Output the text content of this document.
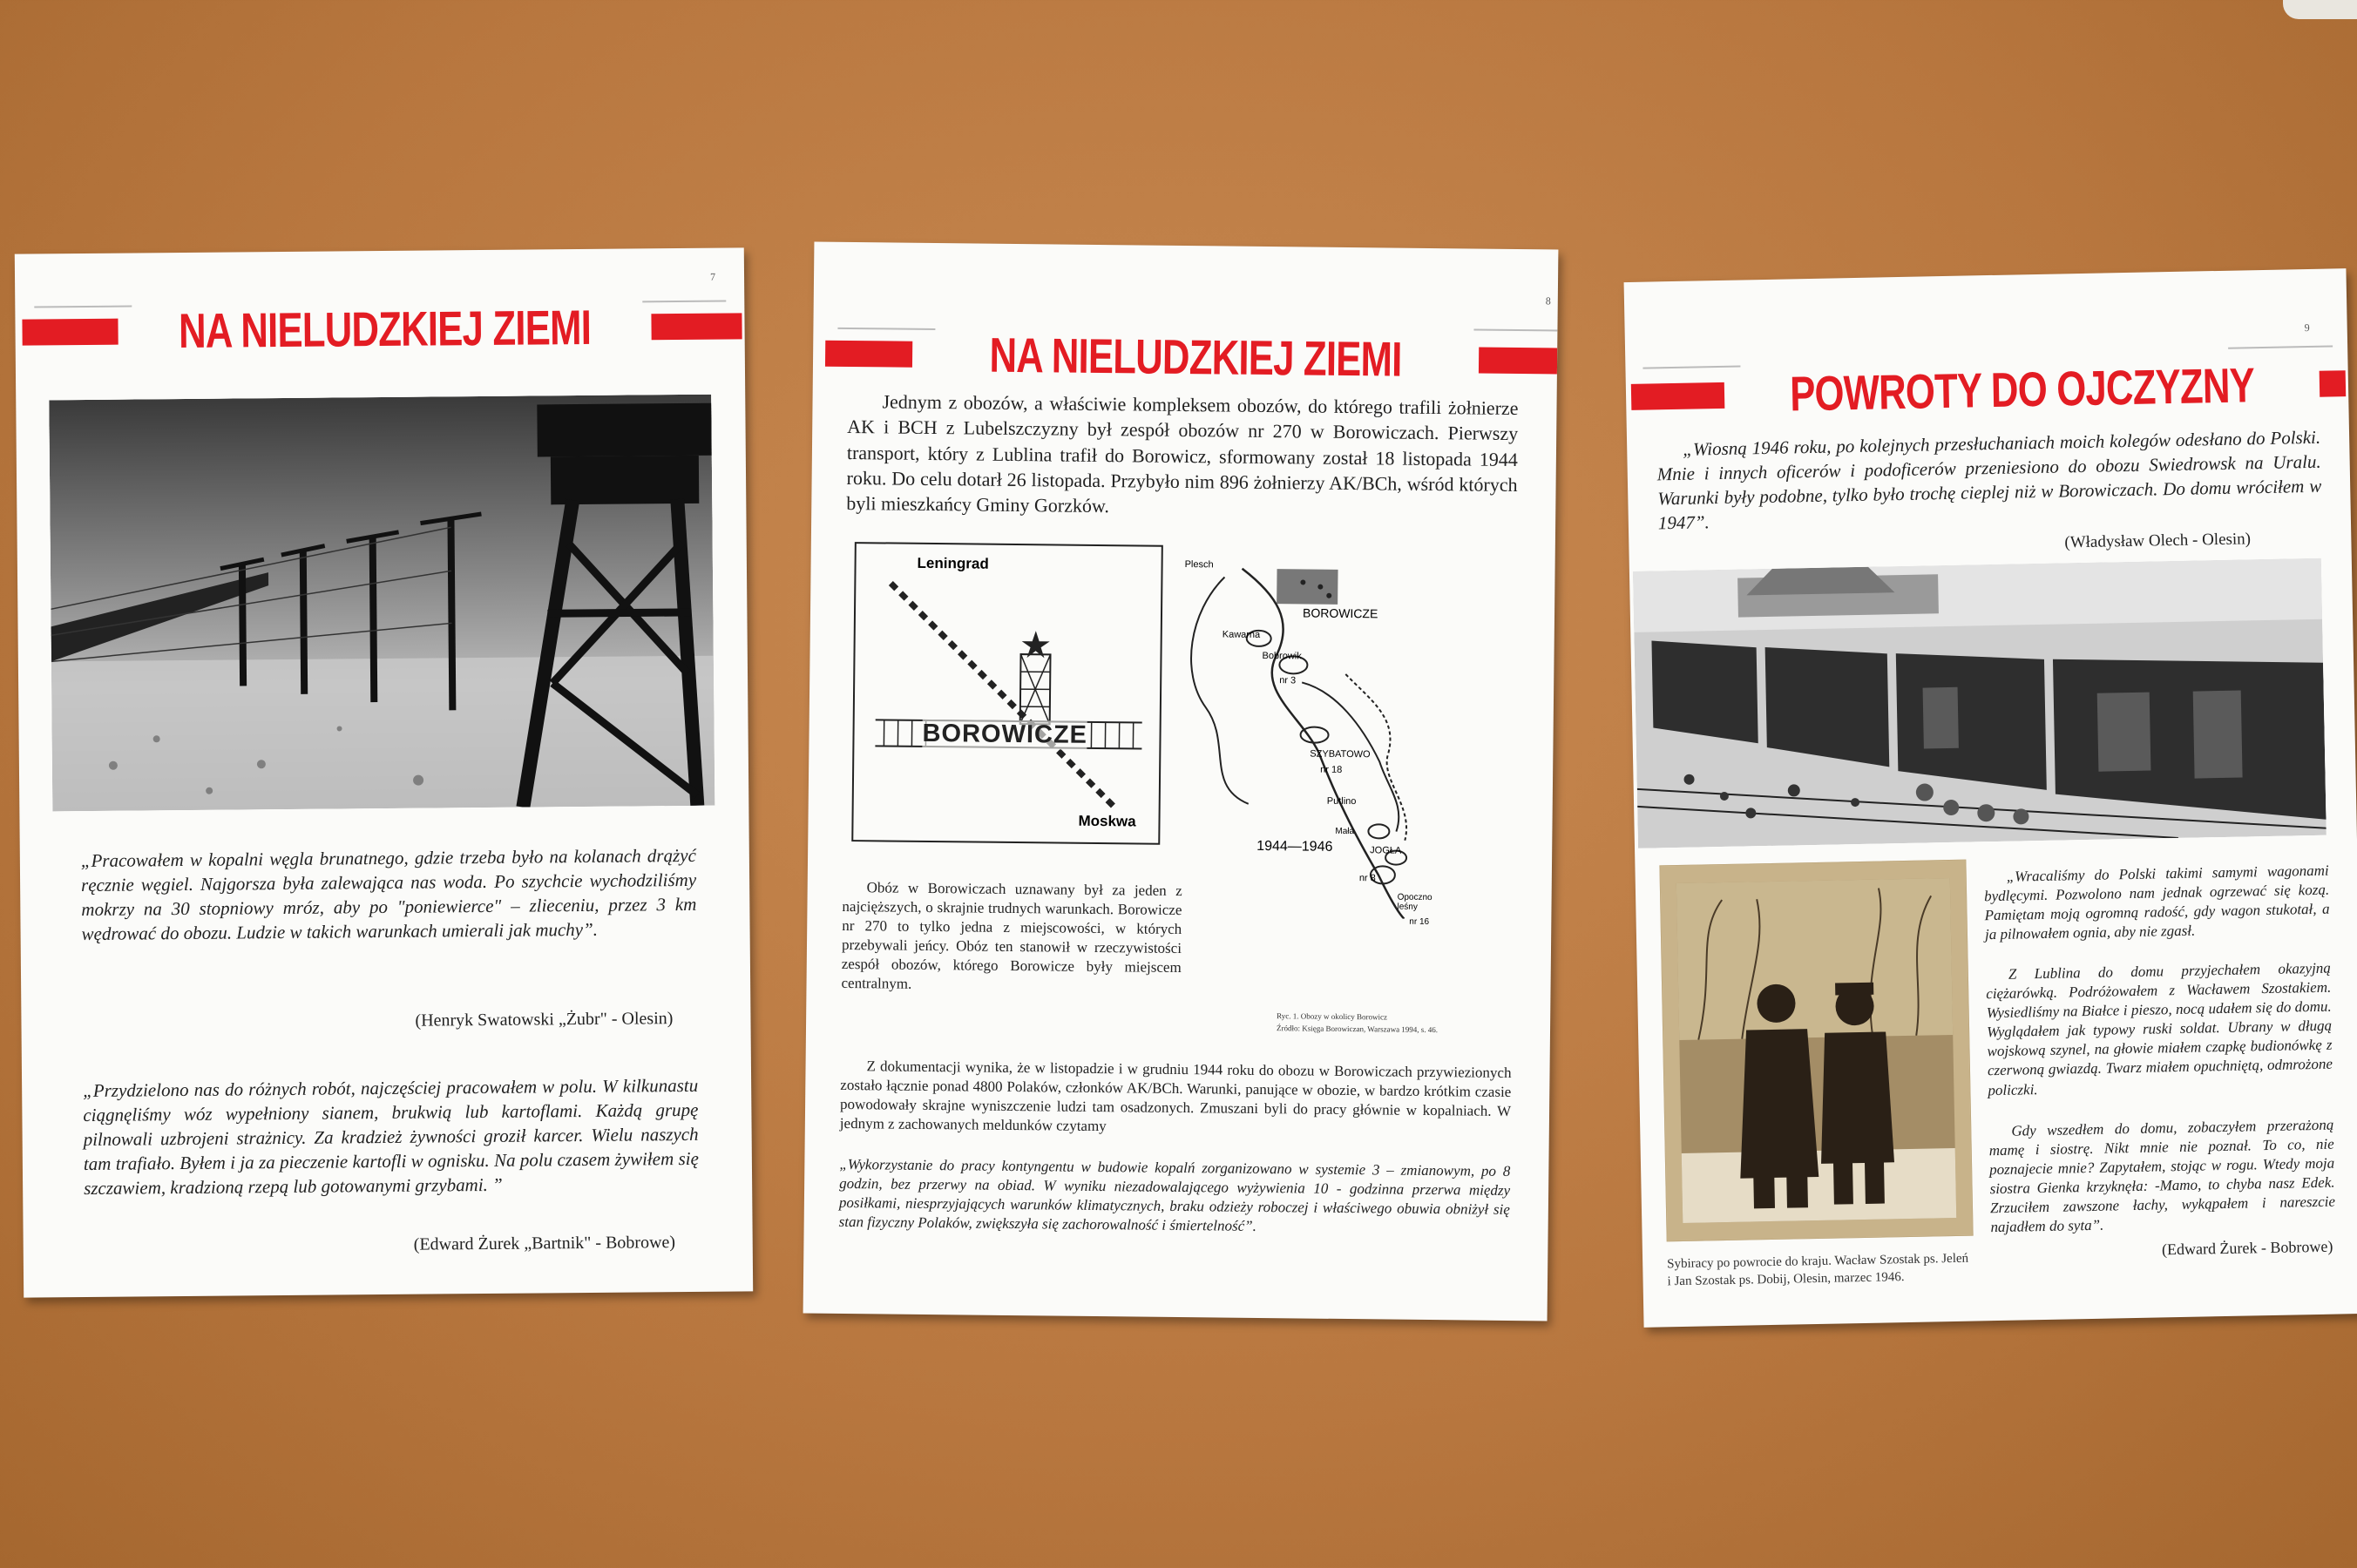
7
NA NIELUDZKIEJ ZIEMI
„Pracowałem w kopalni węgla brunatnego, gdzie trzeba było na kolanach drążyć ręcznie węgiel. Najgorsza była zalewająca nas woda. Po szychcie wychodziliśmy mokrzy na 30 stopniowy mróz, aby po "poniewierce" – zlieceniu, przez 3 km wędrować do obozu. Ludzie w takich warunkach umierali jak muchy”.
(Henryk Swatowski „Żubr" - Olesin)
„Przydzielono nas do różnych robót, najczęściej pracowałem w polu. W kilkunastu ciągnęliśmy wóz wypełniony sianem, brukwią lub kartoflami. Każdą grupę pilnowali uzbrojeni strażnicy. Za kradzież żywności groził karcer. Wielu naszych tam trafiało. Byłem i ja za pieczenie kartofli w ognisku. Na polu czasem żywiłem się szczawiem, kradzioną rzepą lub gotowanymi grzybami. ”
(Edward Żurek „Bartnik" - Bobrowe)
8
NA NIELUDZKIEJ ZIEMI
Jednym z obozów, a właściwie kompleksem obozów, do którego trafili żołnierze AK i BCH z Lubelszczyzny był zespół obozów nr 270 w Borowiczach. Pierwszy transport, który z Lublina trafił do Borowicz, sformowany został 18 listopada 1944 roku. Do celu dotarł 26 listopada. Przybyło nim 896 żołnierzy AK/BCh, wśród których byli mieszkańcy Gminy Gorzków.
Leningrad
Moskwa
BOROWICZE
Plesch
BOROWICZE
Kawarna
Bobrowik
nr 3
SZYBATOWO
nr 18
Putlino
Mała
JOGŁA
nr 8
Opoczno leśny
nr 16
1944—1946
Ryc. 1. Obozy w okolicy Borowicz
Źródło: Księga Borowiczan, Warszawa 1994, s. 46.
Obóz w Borowiczach uznawany był za jeden z najcięższych, o skrajnie trudnych warunkach. Borowicze nr 270 to tylko jedna z miejscowości, w których przebywali jeńcy. Obóz ten stanowił w rzeczywistości zespół obozów, którego Borowicze były miejscem centralnym.
Z dokumentacji wynika, że w listopadzie i w grudniu 1944 roku do obozu w Borowiczach przywiezionych zostało łącznie ponad 4800 Polaków, członków AK/BCh. Warunki, panujące w obozie, w bardzo krótkim czasie powodowały skrajne wyniszczenie ludzi tam osadzonych. Zmuszani byli do pracy głównie w kopalniach. W jednym z zachowanych meldunków czytamy
„Wykorzystanie do pracy kontyngentu w budowie kopalń zorganizowano w systemie 3 – zmianowym, po 8 godzin, bez przerwy na obiad. W wyniku niezadowalającego wyżywienia 10 - godzinna przerwa między posiłkami, niesprzyjających warunków klimatycznych, braku odzieży roboczej i właściwego obuwia obniżył się stan fizyczny Polaków, zwiększyła się zachorowalność i śmiertelność”.
9
POWROTY DO OJCZYZNY
„Wiosną 1946 roku, po kolejnych przesłuchaniach moich kolegów odesłano do Polski. Mnie i innych oficerów i podoficerów przeniesiono do obozu Swiedrowsk na Uralu. Warunki były podobne, tylko było trochę cieplej niż w Borowiczach. Do domu wróciłem w 1947”.
(Władysław Olech - Olesin)
Sybiracy po powrocie do kraju. Wacław Szostak ps. Jeleń i Jan Szostak ps. Dobij, Olesin, marzec 1946.
„Wracaliśmy do Polski takimi samymi wagonami bydlęcymi. Pozwolono nam jednak ogrzewać się kozą. Pamiętam moją ogromną radość, gdy wagon stukotał, a ja pilnowałem ognia, aby nie zgasł.
Z Lublina do domu przyjechałem okazyjną ciężarówką. Podróżowałem z Wacławem Szostakiem. Wysiedliśmy na Białce i pieszo, nocą udałem się do domu. Wyglądałem jak typowy ruski soldat. Ubrany w długą wojskową szynel, na głowie miałem czapkę budionówkę z czerwoną gwiazdą. Twarz miałem opuchniętą, odmrożone policzki.
Gdy wszedłem do domu, zobaczyłem przerażoną mamę i siostrę. Nikt mnie nie poznał. To co, nie poznajecie mnie? Zapytałem, stojąc w rogu. Wtedy moja siostra Gienka krzyknęła: -Mamo, to chyba nasz Edek. Zrzuciłem zawszone łachy, wykąpałem i nareszcie najadłem do syta”.
(Edward Żurek - Bobrowe)
